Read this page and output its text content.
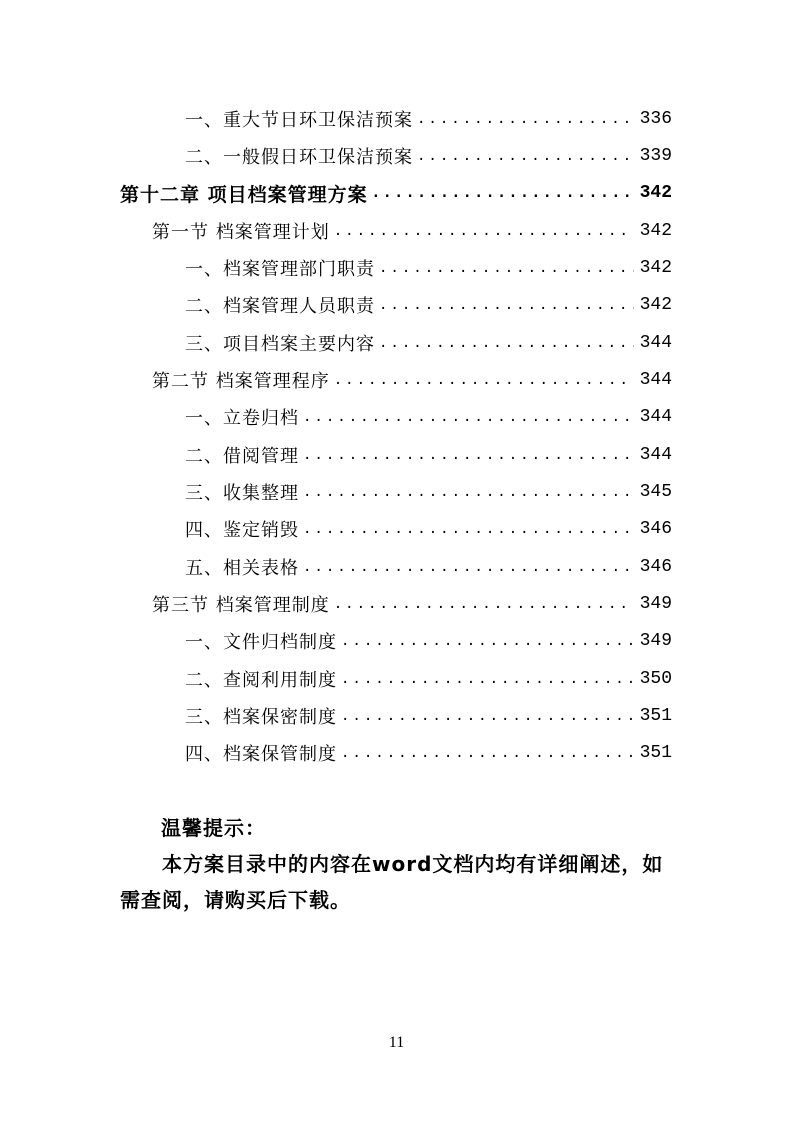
一、重大节日环卫保洁预案 .....	336
二、一般假日环卫保洁预案 .....	339
第十二章 项目档案管理方案 .....	342
第一节 档案管理计划 .....	342
一、档案管理部门职责 .....	342
二、档案管理人员职责 .....	342
三、项目档案主要内容 .....	344
第二节 档案管理程序 .....	344
一、立卷归档 .....	344
二、借阅管理 .....	344
三、收集整理 .....	345
四、鉴定销毁 .....	346
五、相关表格 .....	346
第三节 档案管理制度 .....	349
一、文件归档制度 .....	349
二、查阅利用制度 .....	350
三、档案保密制度 .....	351
四、档案保管制度 .....	351
温馨提示：

本方案目录中的内容在word文档内均有详细阐述，如需查阅，请购买后下载。

11
